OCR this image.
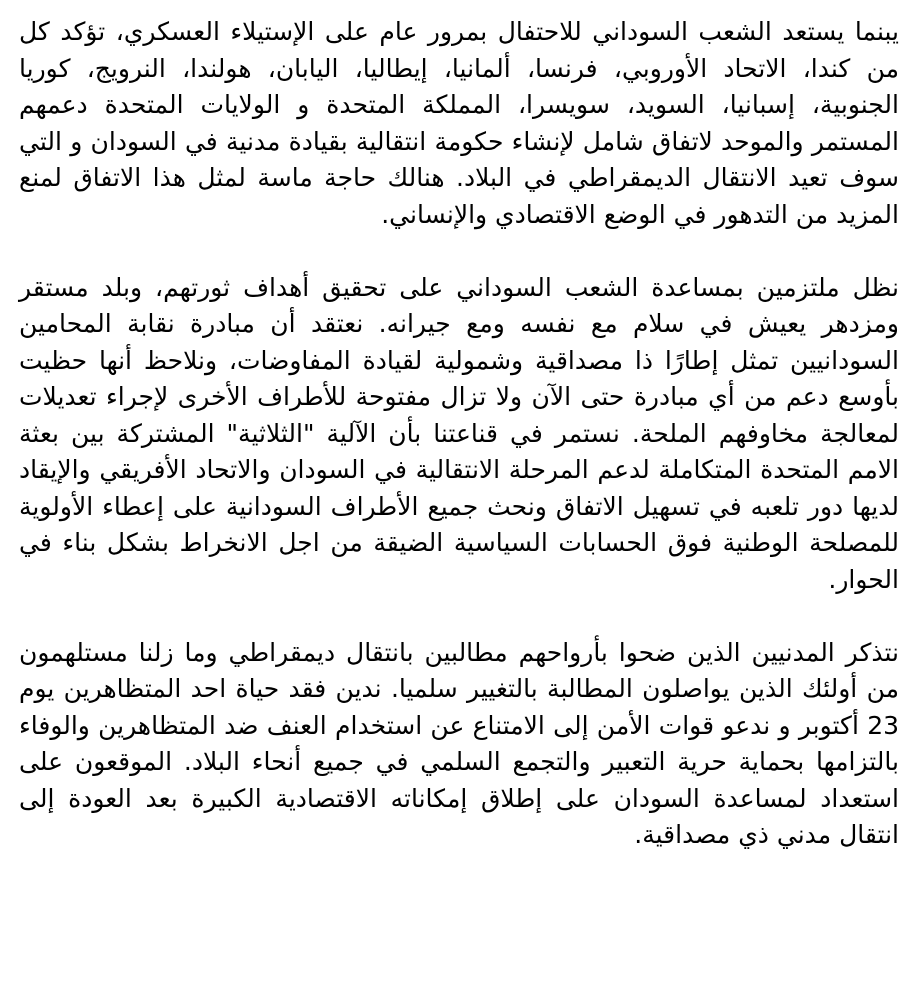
يبنما يستعد الشعب السوداني للاحتفال بمرور عام على الإستيلاء العسكري، تؤكد كل من كندا، الاتحاد الأوروبي، فرنسا، ألمانيا، إيطاليا، اليابان، هولندا، النرويج، كوريا الجنوبية، إسبانيا، السويد، سويسرا، المملكة المتحدة و الولايات المتحدة دعمهم المستمر والموحد لاتفاق شامل لإنشاء حكومة انتقالية بقيادة مدنية في السودان و التي سوف تعيد الانتقال الديمقراطي في البلاد. هنالك حاجة ماسة لمثل هذا الاتفاق لمنع المزيد من التدهور في الوضع الاقتصادي والإنساني.

نظل ملتزمين بمساعدة الشعب السوداني على تحقيق أهداف ثورتهم، وبلد مستقر ومزدهر يعيش في سلام مع نفسه ومع جيرانه. نعتقد أن مبادرة نقابة المحامين السودانيين تمثل إطارًا ذا مصداقية وشمولية لقيادة المفاوضات، ونلاحظ أنها حظيت بأوسع دعم من أي مبادرة حتى الآن ولا تزال مفتوحة للأطراف الأخرى لإجراء تعديلات لمعالجة مخاوفهم الملحة. نستمر في قناعتنا بأن الآلية "الثلاثية" المشتركة بين بعثة الامم المتحدة المتكاملة لدعم المرحلة الانتقالية في السودان والاتحاد الأفريقي والإيقاد لديها دور تلعبه في تسهيل الاتفاق ونحث جميع الأطراف السودانية على إعطاء الأولوية للمصلحة الوطنية فوق الحسابات السياسية الضيقة من اجل الانخراط بشكل بناء في الحوار.

نتذكر المدنيين الذين ضحوا بأرواحهم مطالبين بانتقال ديمقراطي وما زلنا مستلهمون من أولئك الذين يواصلون المطالبة بالتغيير سلميا. ندين فقد حياة احد المتظاهرين يوم 23 أكتوبر و ندعو قوات الأمن إلى الامتناع عن استخدام العنف ضد المتظاهرين والوفاء بالتزامها بحماية حرية التعبير والتجمع السلمي في جميع أنحاء البلاد. الموقعون على استعداد لمساعدة السودان على إطلاق إمكاناته الاقتصادية الكبيرة بعد العودة إلى انتقال مدني ذي مصداقية.
